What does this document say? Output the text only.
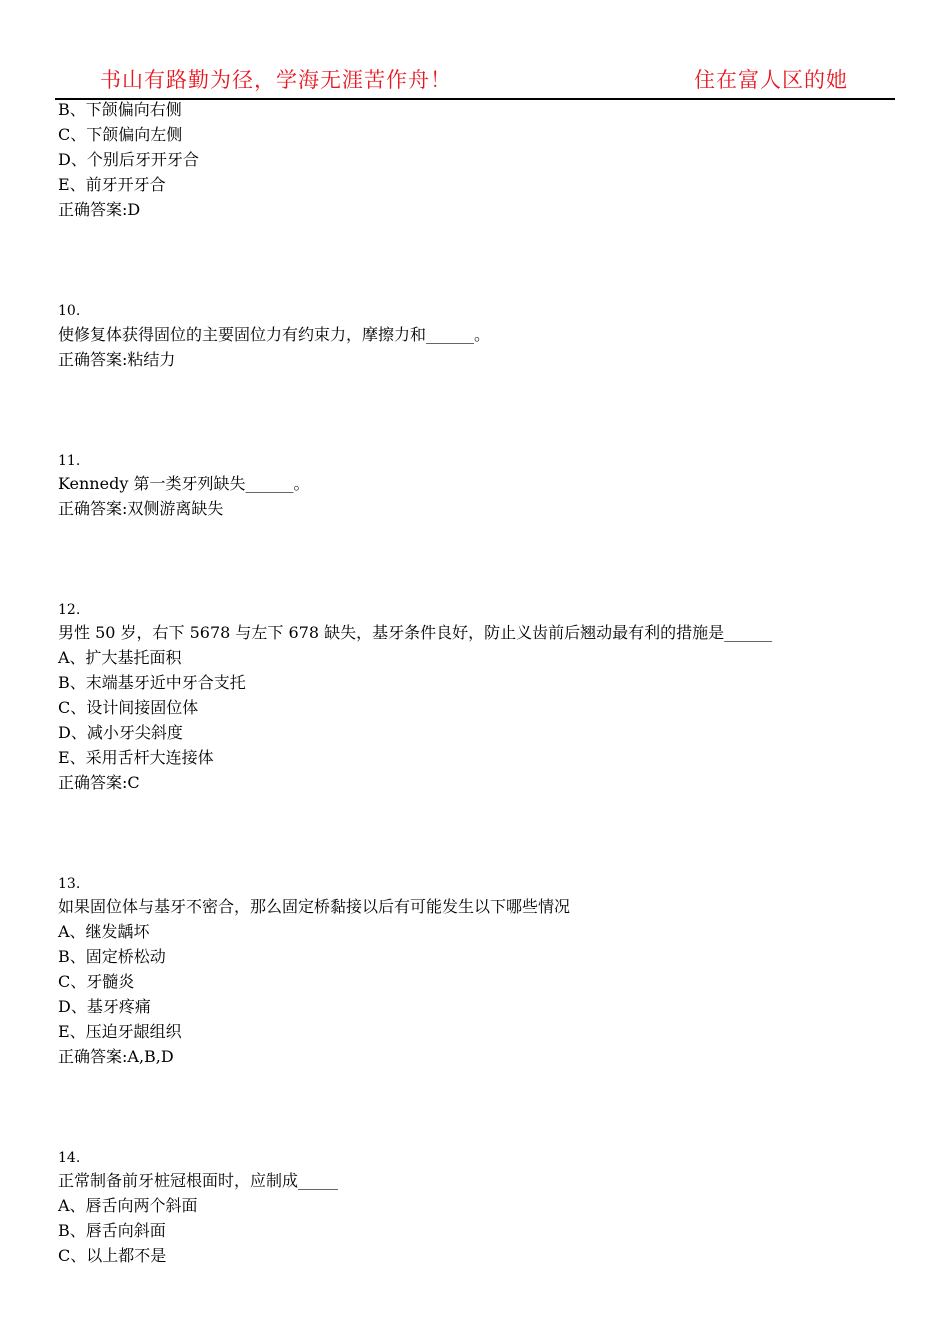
书山有路勤为径，学海无涯苦作舟！	住在富人区的她
B、下颌偏向右侧
C、下颌偏向左侧
D、个别后牙开牙合
E、前牙开牙合
正确答案:D
10.
使修复体获得固位的主要固位力有约束力，摩擦力和______。
正确答案:粘结力
11.
Kennedy 第一类牙列缺失______。
正确答案:双侧游离缺失
12.
男性 50 岁，右下 5678 与左下 678 缺失，基牙条件良好，防止义齿前后翘动最有利的措施是______
A、扩大基托面积
B、末端基牙近中牙合支托
C、设计间接固位体
D、减小牙尖斜度
E、采用舌杆大连接体
正确答案:C
13.
如果固位体与基牙不密合，那么固定桥黏接以后有可能发生以下哪些情况
A、继发龋坏
B、固定桥松动
C、牙髓炎
D、基牙疼痛
E、压迫牙龈组织
正确答案:A,B,D
14.
正常制备前牙桩冠根面时，应制成_____
A、唇舌向两个斜面
B、唇舌向斜面
C、以上都不是
